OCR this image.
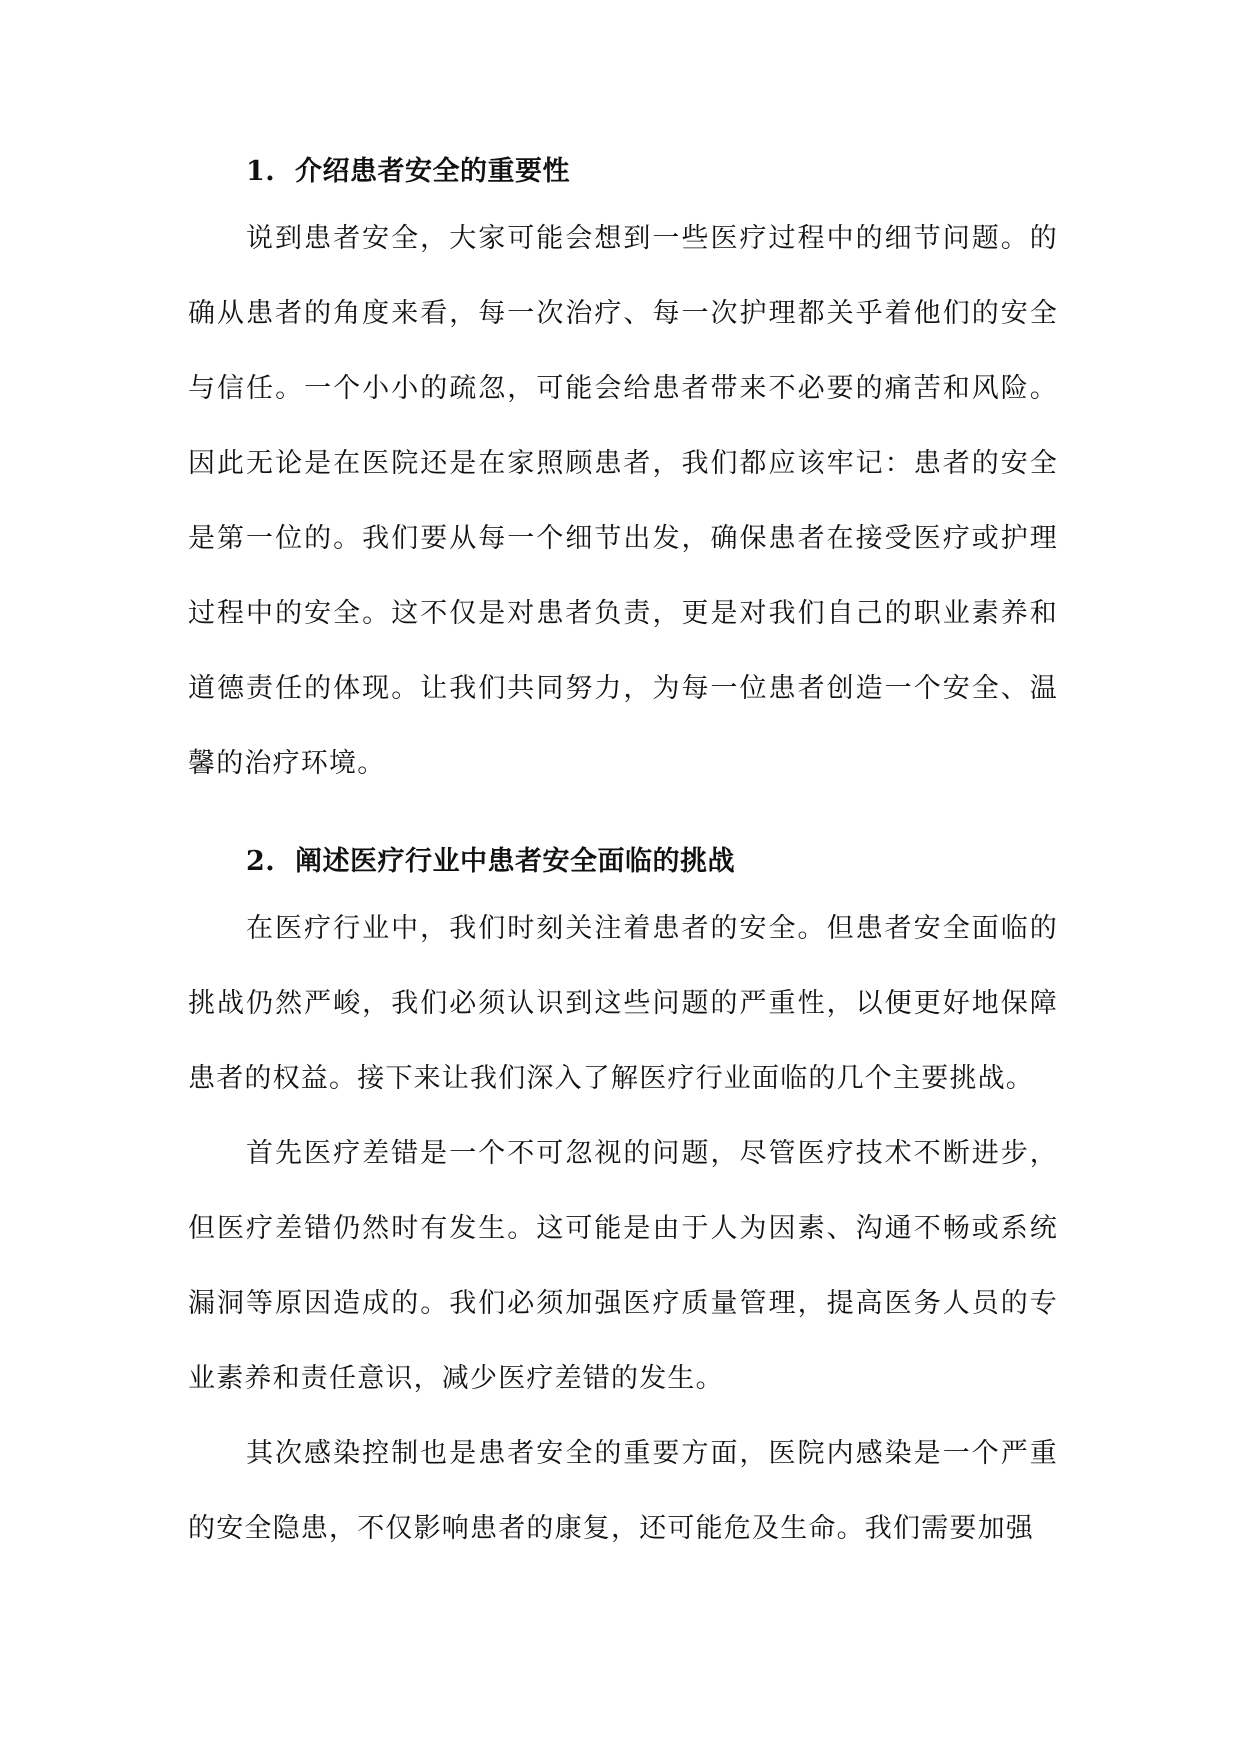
1. 介绍患者安全的重要性

说到患者安全，大家可能会想到一些医疗过程中的细节问题。的确从患者的角度来看，每一次治疗、每一次护理都关乎着他们的安全与信任。一个小小的疏忽，可能会给患者带来不必要的痛苦和风险。因此无论是在医院还是在家照顾患者，我们都应该牢记：患者的安全是第一位的。我们要从每一个细节出发，确保患者在接受医疗或护理过程中的安全。这不仅是对患者负责，更是对我们自己的职业素养和道德责任的体现。让我们共同努力，为每一位患者创造一个安全、温馨的治疗环境。

2. 阐述医疗行业中患者安全面临的挑战

在医疗行业中，我们时刻关注着患者的安全。但患者安全面临的挑战仍然严峻，我们必须认识到这些问题的严重性，以便更好地保障患者的权益。接下来让我们深入了解医疗行业面临的几个主要挑战。

首先医疗差错是一个不可忽视的问题，尽管医疗技术不断进步，但医疗差错仍然时有发生。这可能是由于人为因素、沟通不畅或系统漏洞等原因造成的。我们必须加强医疗质量管理，提高医务人员的专业素养和责任意识，减少医疗差错的发生。

其次感染控制也是患者安全的重要方面，医院内感染是一个严重的安全隐患，不仅影响患者的康复，还可能危及生命。我们需要加强
